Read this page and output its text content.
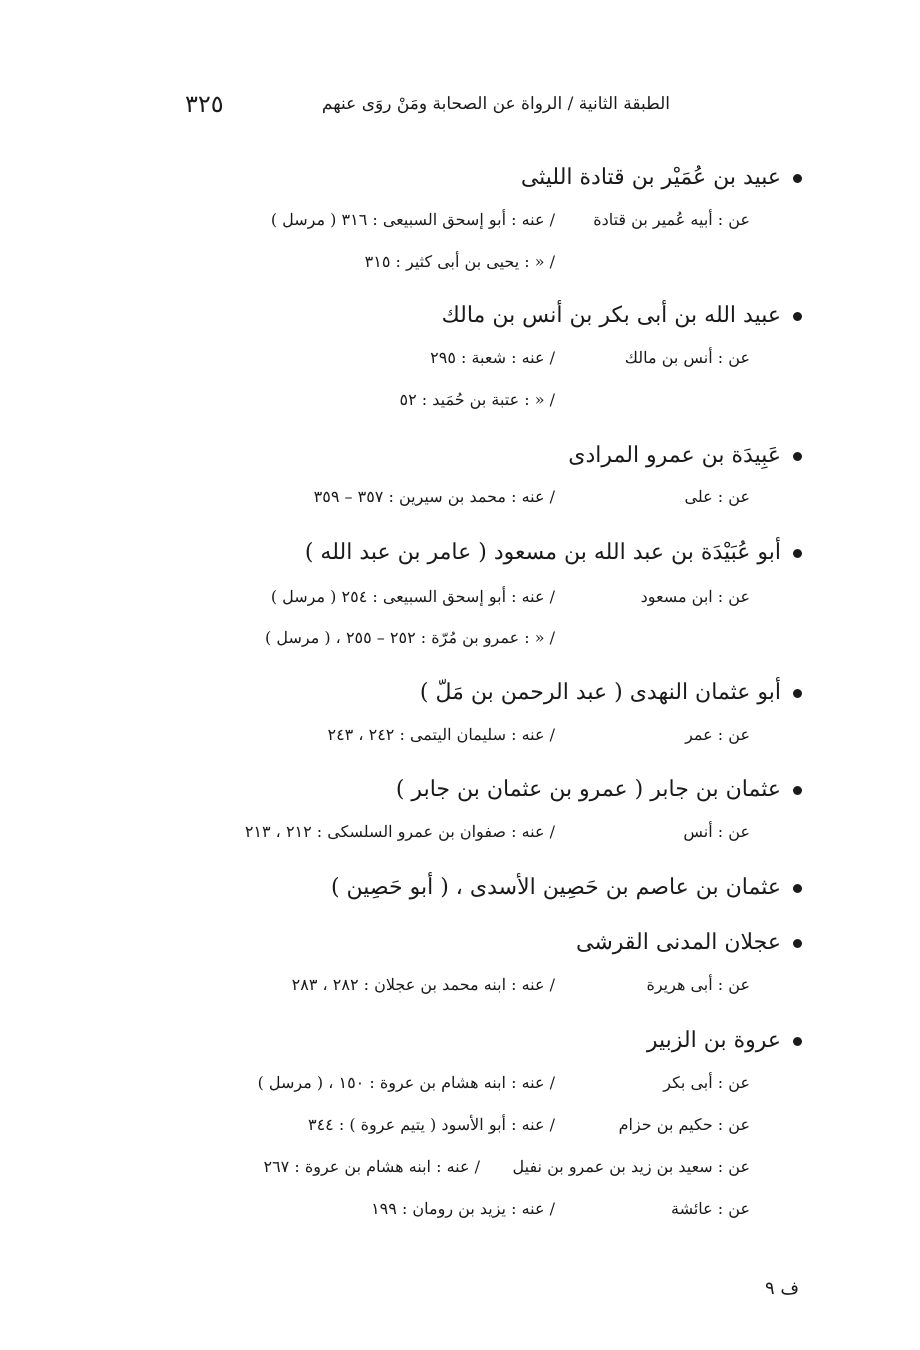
٣٢٥	الطبقة الثانية / الرواة عن الصحابة ومَنْ روَى عنهم
عبيد بن عُمَيْر بن قتادة الليثى
عن : أبيه عُمير بن قتادة
/ عنه : أبو إسحق السبيعى : ٣١٦ ( مرسل )
/ « : يحيى بن أبى كثير : ٣١٥
عبيد الله بن أبى بكر بن أنس بن مالك
عن : أنس بن مالك
/ عنه : شعبة : ٢٩٥
/ « : عتبة بن حُمَيد : ٥٢
عَبِيدَة بن عمرو المرادى
عن : على
/ عنه : محمد بن سيرين : ٣٥٧ – ٣٥٩
أبو عُبَيْدَة بن عبد الله بن مسعود ( عامر بن عبد الله )
عن : ابن مسعود
/ عنه : أبو إسحق السبيعى : ٢٥٤ ( مرسل )
/ « : عمرو بن مُرّة : ٢٥٢ – ٢٥٥ ، ( مرسل )
أبو عثمان النهدى ( عبد الرحمن بن مَلّ )
عن : عمر
/ عنه : سليمان اليتمى : ٢٤٢ ، ٢٤٣
عثمان بن جابر ( عمرو بن عثمان بن جابر )
عن : أنس
/ عنه : صفوان بن عمرو السلسكى : ٢١٢ ، ٢١٣
عثمان بن عاصم بن حَصِين الأسدى ، ( أبو حَصِين )
عجلان المدنى القرشى
عن : أبى هريرة
/ عنه : ابنه محمد بن عجلان : ٢٨٢ ، ٢٨٣
عروة بن الزبير
عن : أبى بكر
/ عنه : ابنه هشام بن عروة : ١٥٠ ، ( مرسل )
عن : حكيم بن حزام
/ عنه : أبو الأسود ( يتيم عروة ) : ٣٤٤
عن : سعيد بن زيد بن عمرو بن نفيل
/ عنه : ابنه هشام بن عروة : ٢٦٧
عن : عائشة
/ عنه : يزيد بن رومان : ١٩٩
ف ٩
